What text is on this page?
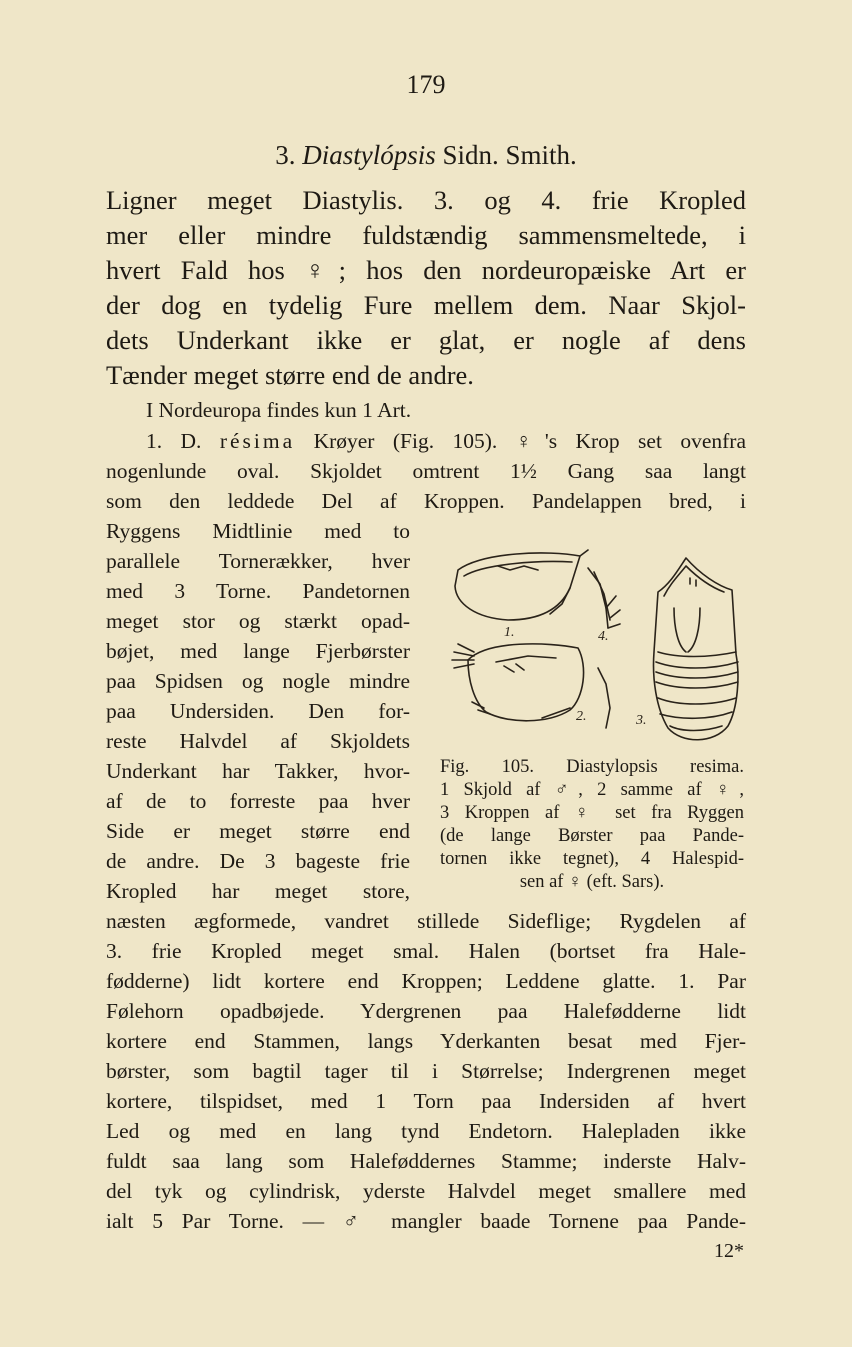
179
3. Diastylópsis Sidn. Smith.
Ligner meget Diastylis. 3. og 4. frie Kropled
mer eller mindre fuldstændig sammensmeltede, i
hvert Fald hos ♀; hos den nordeuropæiske Art er
der dog en tydelig Fure mellem dem. Naar Skjol-
dets Underkant ikke er glat, er nogle af dens
Tænder meget større end de andre.
I Nordeuropa findes kun 1 Art.
1. D. résima Krøyer (Fig. 105). ♀'s Krop set ovenfra
nogenlunde oval. Skjoldet omtrent 1½ Gang saa langt
som den leddede Del af Kroppen. Pandelappen bred, i
Ryggens Midtlinie med to
parallele Tornerækker, hver
med 3 Torne. Pandetornen
meget stor og stærkt opad-
bøjet, med lange Fjerbørster
paa Spidsen og nogle mindre
paa Undersiden. Den for-
reste Halvdel af Skjoldets
Underkant har Takker, hvor-
af de to forreste paa hver
Side er meget større end
de andre. De 3 bageste frie
Kropled har meget store,
1.	4.
2.	3.
Fig. 105. Diastylopsis resima.
1 Skjold af ♂, 2 samme af ♀,
3 Kroppen af ♀ set fra Ryggen
(de lange Børster paa Pande-
tornen ikke tegnet), 4 Halespid-
sen af ♀ (eft. Sars).
næsten ægformede, vandret stillede Sideflige; Rygdelen af
3. frie Kropled meget smal. Halen (bortset fra Hale-
fødderne) lidt kortere end Kroppen; Leddene glatte. 1. Par
Følehorn opadbøjede. Ydergrenen paa Halefødderne lidt
kortere end Stammen, langs Yderkanten besat med Fjer-
børster, som bagtil tager til i Størrelse; Indergrenen meget
kortere, tilspidset, med 1 Torn paa Indersiden af hvert
Led og med en lang tynd Endetorn. Halepladen ikke
fuldt saa lang som Haleføddernes Stamme; inderste Halv-
del tyk og cylindrisk, yderste Halvdel meget smallere med
ialt 5 Par Torne. — ♂ mangler baade Tornene paa Pande-
12*
